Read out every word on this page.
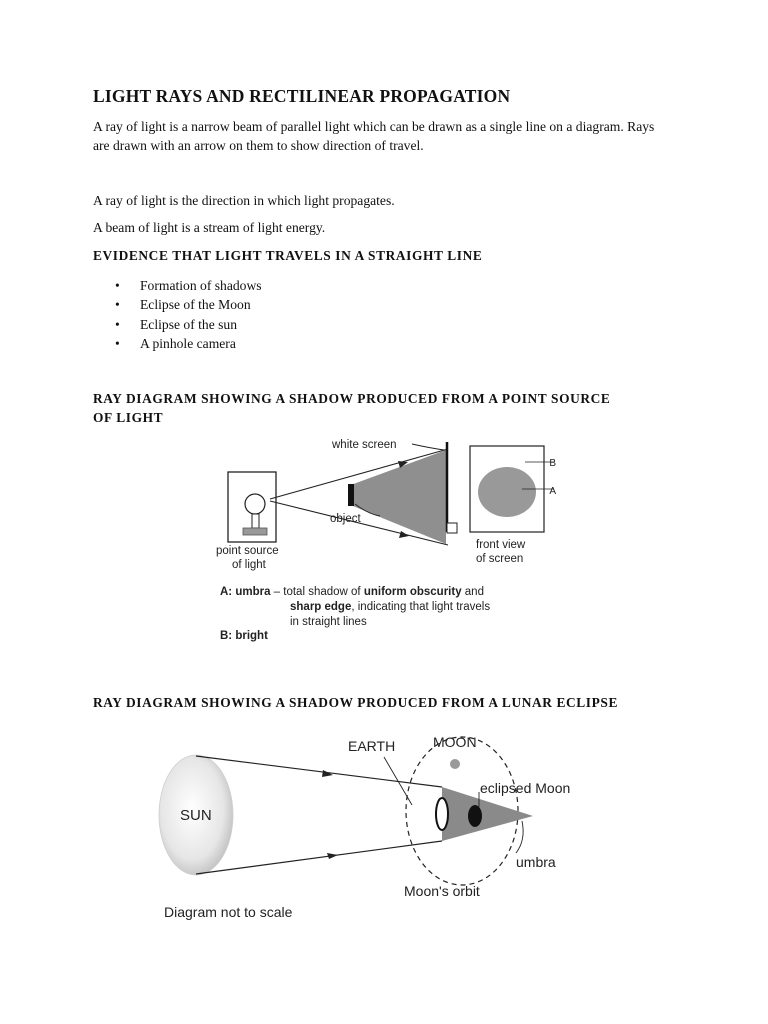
LIGHT RAYS AND RECTILINEAR PROPAGATION

A ray of light is a narrow beam of parallel light which can be drawn as a single line on a diagram. Rays are drawn with an arrow on them to show direction of travel.

A ray of light is the direction in which light propagates.

A beam of light is a stream of light energy.

EVIDENCE THAT LIGHT TRAVELS IN A STRAIGHT LINE
• Formation of shadows
• Eclipse of the Moon
• Eclipse of the sun
• A pinhole camera
RAY DIAGRAM SHOWING A SHADOW PRODUCED FROM A POINT SOURCE
OF LIGHT
white screen
object
point source
of light
B
A
front view
of screen
A: umbra – total shadow of uniform obscurity and
sharp edge, indicating that light travels
in straight lines
B: bright
RAY DIAGRAM SHOWING A SHADOW PRODUCED FROM A LUNAR ECLIPSE
SUN
EARTH	MOON
eclipsed Moon
umbra
Moon's orbit
Diagram not to scale
